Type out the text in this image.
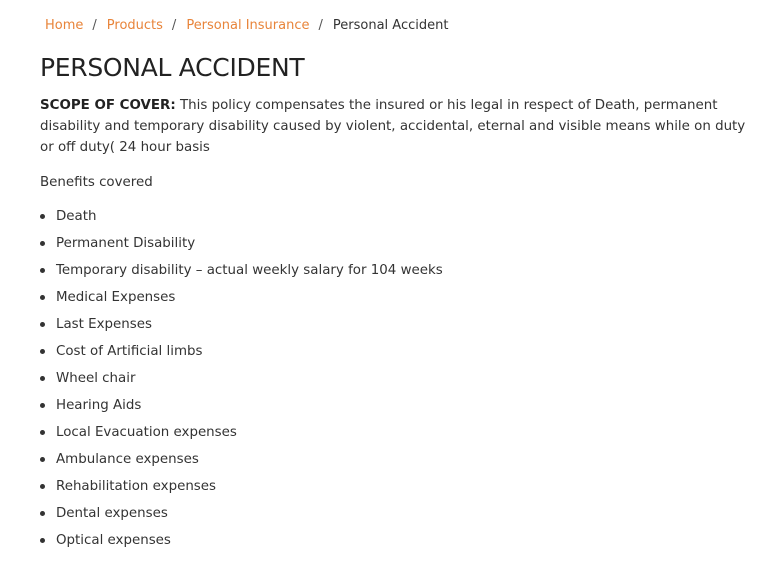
Home / Products / Personal Insurance / Personal Accident
PERSONAL ACCIDENT

SCOPE OF COVER: This policy compensates the insured or his legal in respect of Death, permanent disability and temporary disability caused by violent, accidental, eternal and visible means while on duty or off duty( 24 hour basis

Benefits covered

Death
Permanent Disability
Temporary disability – actual weekly salary for 104 weeks
Medical Expenses
Last Expenses
Cost of Artificial limbs
Wheel chair
Hearing Aids
Local Evacuation expenses
Ambulance expenses
Rehabilitation expenses
Dental expenses
Optical expenses
